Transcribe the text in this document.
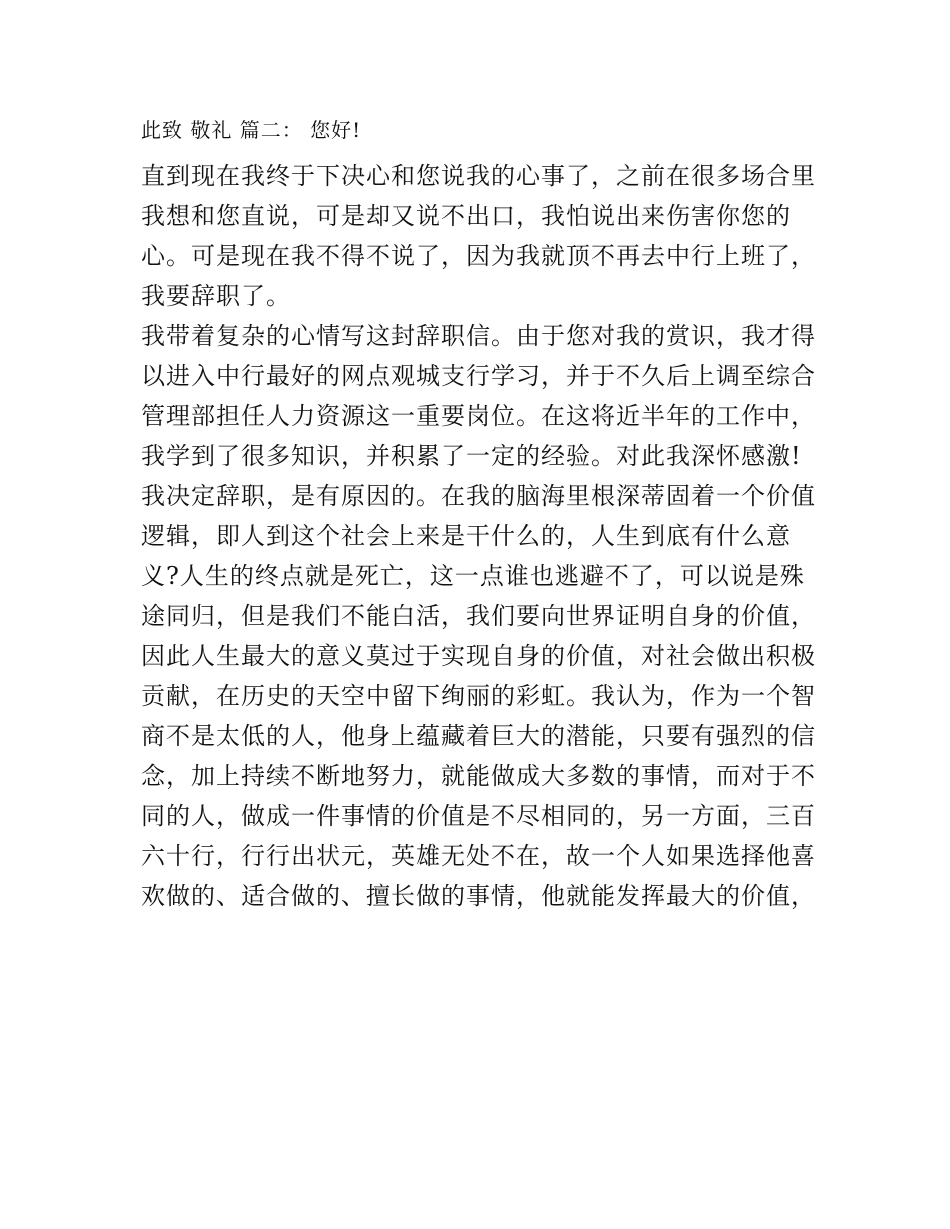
此致 敬礼 篇二： 您好!
直到现在我终于下决心和您说我的心事了，之前在很多场合里
我想和您直说，可是却又说不出口，我怕说出来伤害你您的
心。可是现在我不得不说了，因为我就顶不再去中行上班了，
我要辞职了。
我带着复杂的心情写这封辞职信。由于您对我的赏识，我才得
以进入中行最好的网点观城支行学习，并于不久后上调至综合
管理部担任人力资源这一重要岗位。在这将近半年的工作中，
我学到了很多知识，并积累了一定的经验。对此我深怀感激!
我决定辞职，是有原因的。在我的脑海里根深蒂固着一个价值
逻辑，即人到这个社会上来是干什么的，人生到底有什么意
义?人生的终点就是死亡，这一点谁也逃避不了，可以说是殊
途同归，但是我们不能白活，我们要向世界证明自身的价值，
因此人生最大的意义莫过于实现自身的价值，对社会做出积极
贡献，在历史的天空中留下绚丽的彩虹。我认为，作为一个智
商不是太低的人，他身上蕴藏着巨大的潜能，只要有强烈的信
念，加上持续不断地努力，就能做成大多数的事情，而对于不
同的人，做成一件事情的价值是不尽相同的，另一方面，三百
六十行，行行出状元，英雄无处不在，故一个人如果选择他喜
欢做的、适合做的、擅长做的事情，他就能发挥最大的价值，
